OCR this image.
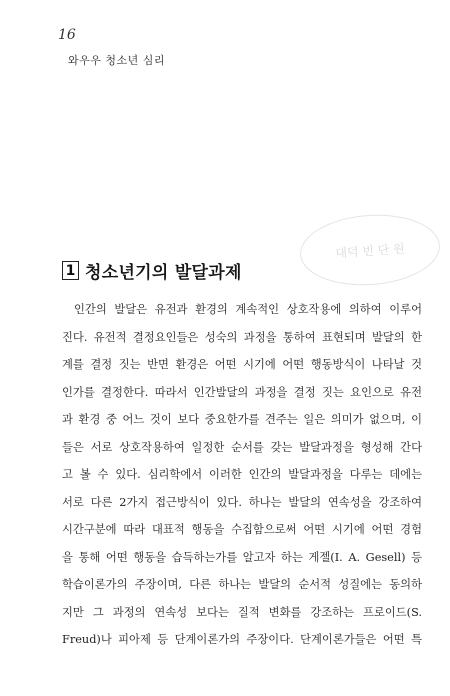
16
와우우 청소년 심리
대덕 빈 단 원
1 청소년기의 발달과제
인간의 발달은 유전과 환경의 계속적인 상호작용에 의하여 이루어
진다. 유전적 결정요인들은 성숙의 과정을 통하여 표현되며 발달의 한
계를 결정 짓는 반면 환경은 어떤 시기에 어떤 행동방식이 나타날 것
인가를 결정한다. 따라서 인간발달의 과정을 결정 짓는 요인으로 유전
과 환경 중 어느 것이 보다 중요한가를 견주는 일은 의미가 없으며, 이
들은 서로 상호작용하여 일정한 순서를 갖는 발달과정을 형성해 간다
고 볼 수 있다. 심리학에서 이러한 인간의 발달과정을 다루는 데에는
서로 다른 2가지 접근방식이 있다. 하나는 발달의 연속성을 강조하여
시간구분에 따라 대표적 행동을 수집함으로써 어떤 시기에 어떤 경험
을 통해 어떤 행동을 습득하는가를 알고자 하는 게젤(I. A. Gesell) 등
학습이론가의 주장이며, 다른 하나는 발달의 순서적 성질에는 동의하
지만 그 과정의 연속성 보다는 질적 변화를 강조하는 프로이드(S.
Freud)나 피아제 등 단계이론가의 주장이다. 단계이론가들은 어떤 특
